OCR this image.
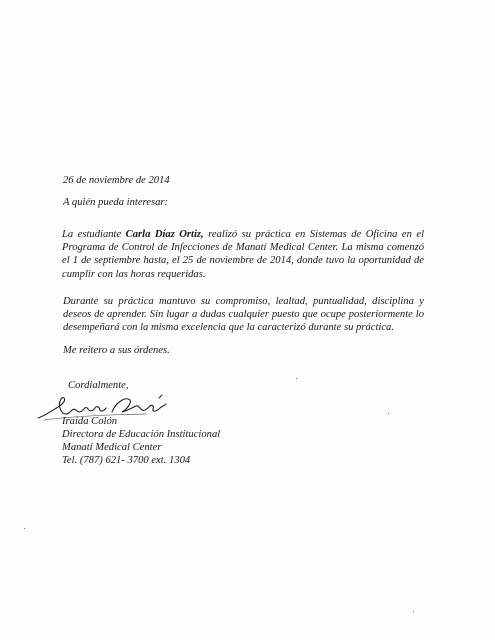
26 de noviembre de 2014
A quién pueda interesar:
La estudiante Carla Díaz Ortiz, realizó su práctica en Sistemas de Oficina en el
Programa de Control de Infecciones de Manatí Medical Center. La misma comenzó
el 1 de septiembre hasta, el 25 de noviembre de 2014, donde tuvo la oportunidad de
cumplir con las horas requeridas.
Durante su práctica mantuvo su compromiso, lealtad, puntualidad, disciplina y
deseos de aprender. Sin lugar a dudas cualquier puesto que ocupe posteriormente lo
desempeñará con la misma excelencia que la caracterizó durante su práctica.
Me reitero a sus órdenes.
Cordialmente,
Iraida Colón
Directora de Educación Institucional
Manatí Medical Center
Tel. (787) 621- 3700 ext. 1304
